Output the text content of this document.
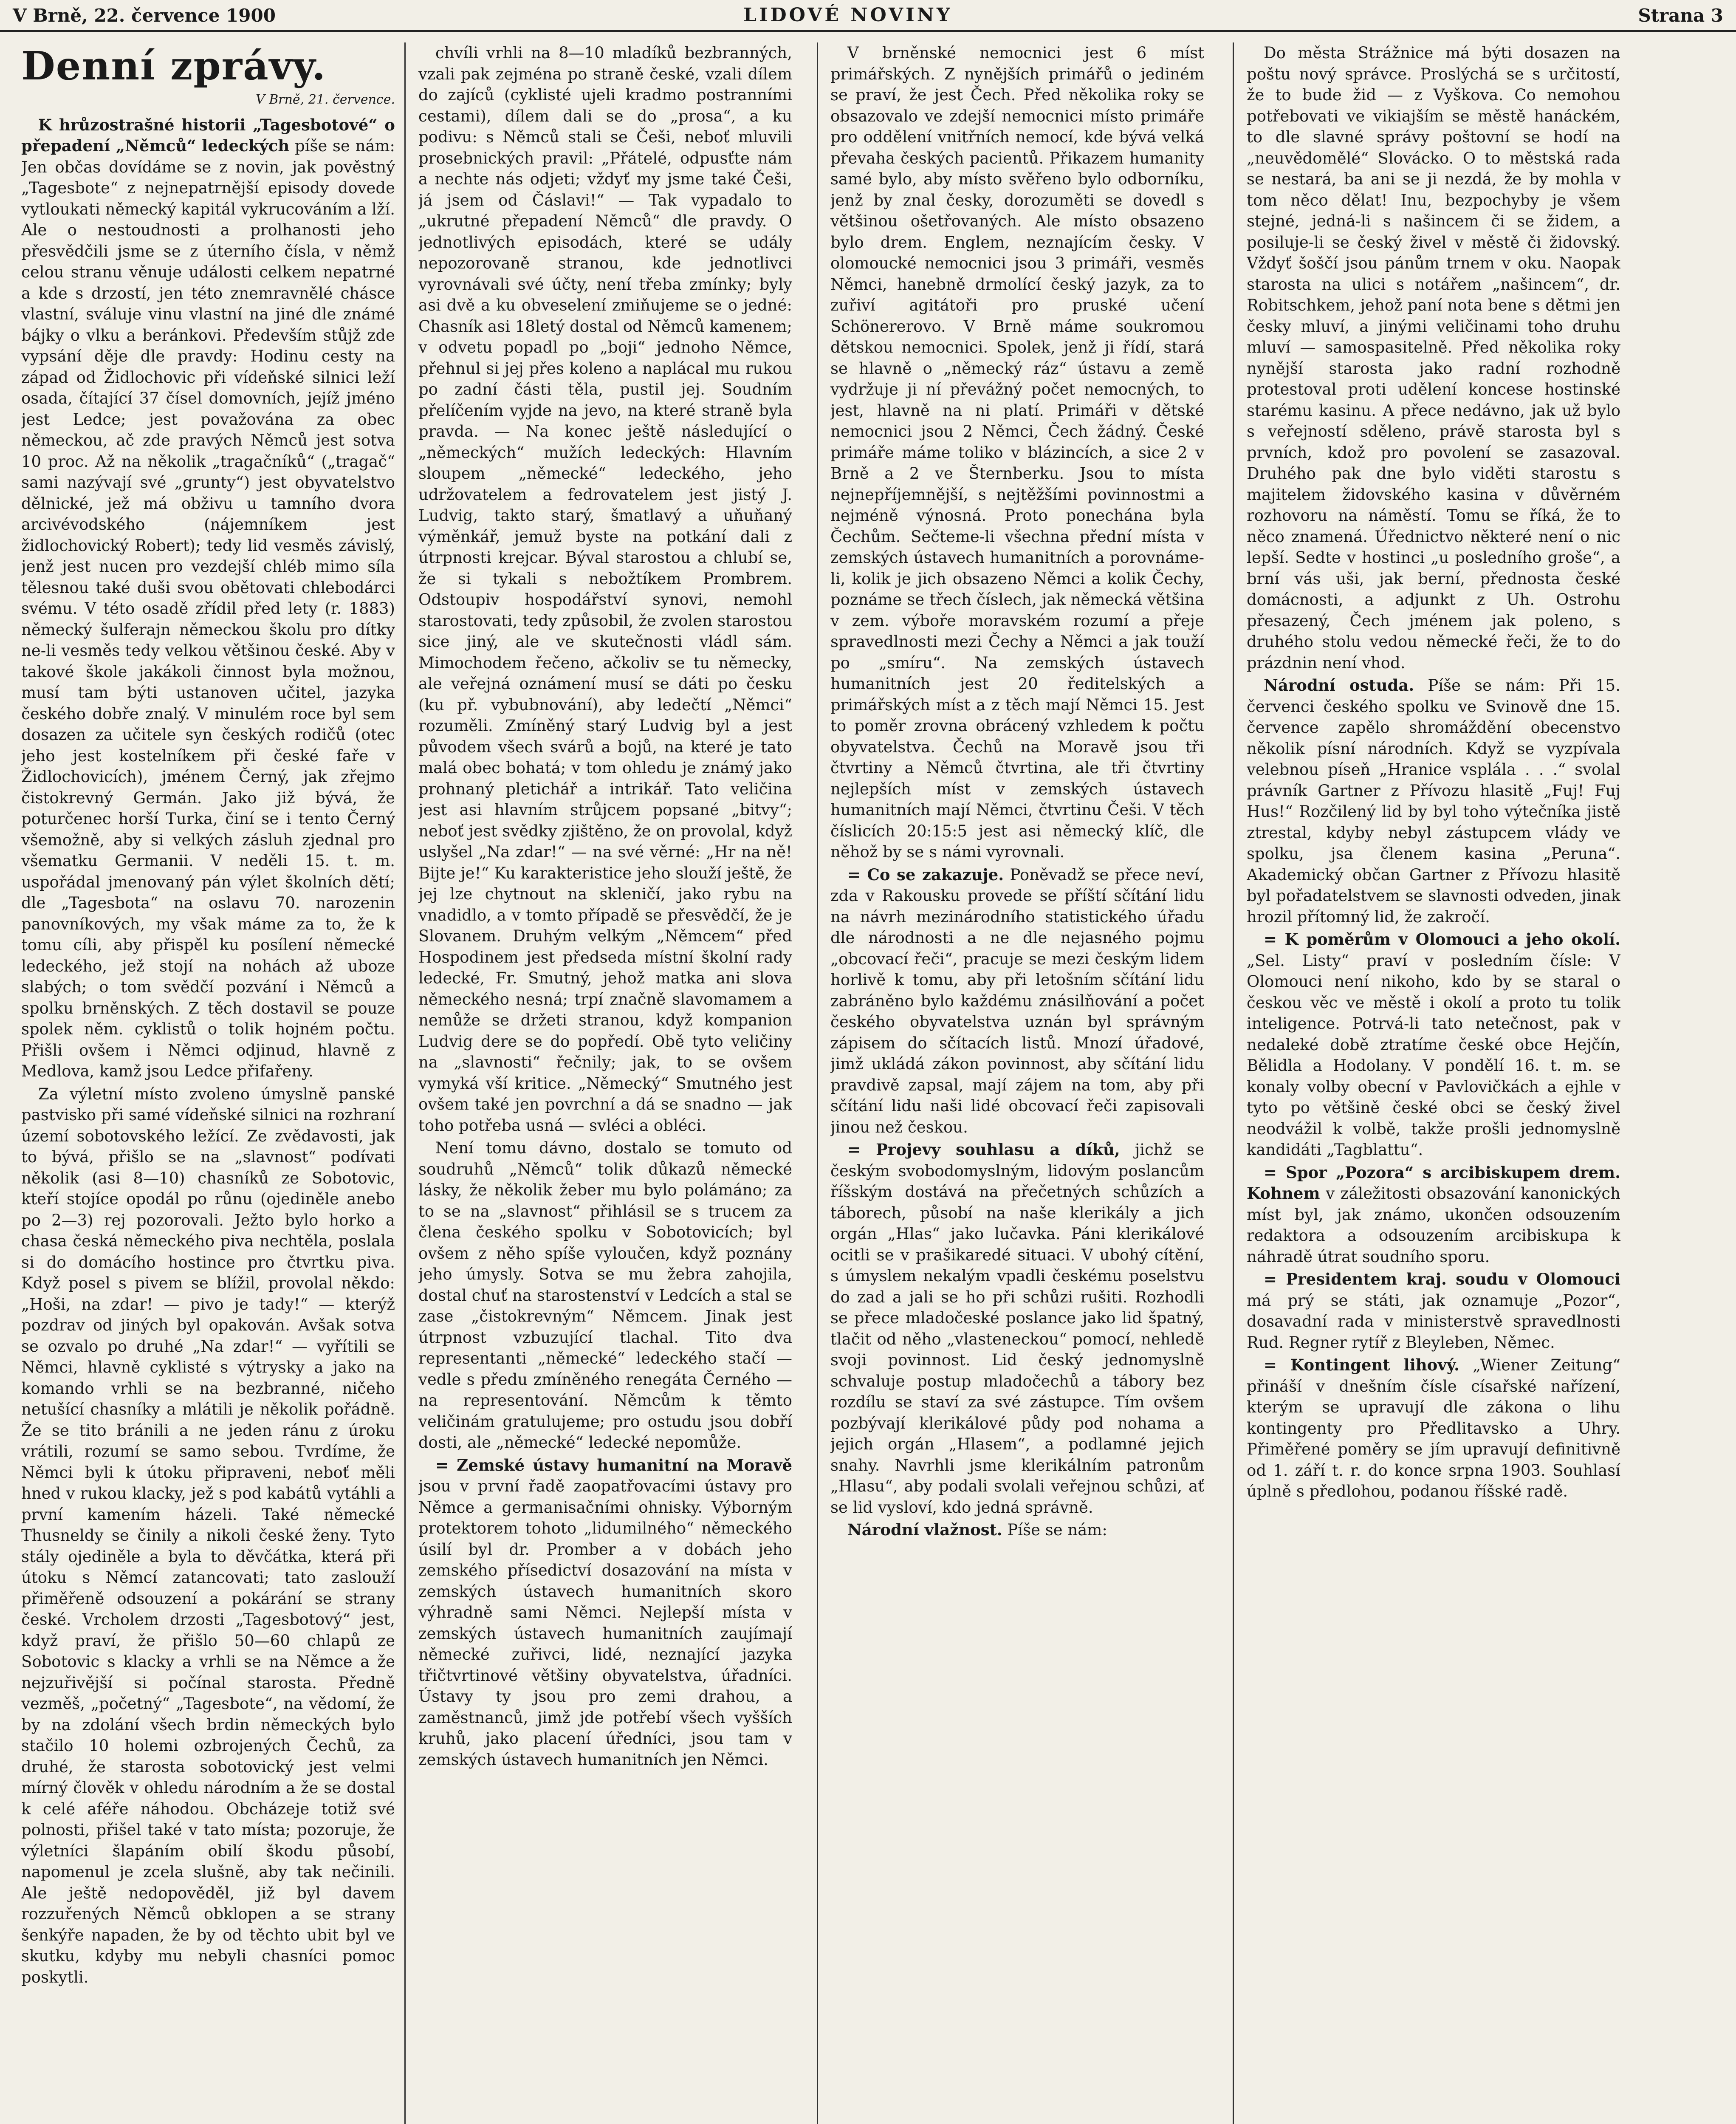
V Brně, 22. července 1900	LIDOVÉ NOVINY	Strana 3
Denní zprávy.
V Brně, 21. července.

K hrůzostrašné historii „Tagesbotové“ o přepadení „Němců“ ledeckých píše se nám: Jen občas dovídáme se z novin, jak pověstný „Tagesbote“ z nejnepatrnější episody dovede vytloukati německý kapitál vykrucováním a lží. Ale o nestoudnosti a prolhanosti jeho přesvědčili jsme se z úterního čísla, v němž celou stranu věnuje události celkem nepatrné a kde s drzostí, jen této znemravnělé chásce vlastní, sváluje vinu vlastní na jiné dle známé bájky o vlku a beránkovi. Především stůjž zde vypsání děje dle pravdy: Hodinu cesty na západ od Židlochovic při vídeňské silnici leží osada, čítající 37 čísel domovních, jejíž jméno jest Ledce; jest považována za obec německou, ač zde pravých Němců jest sotva 10 proc. Až na několik „tragačníků“ („tragač“ sami nazývají své „grunty“) jest obyvatelstvo dělnické, jež má obživu u tamního dvora arcivévodského (nájemníkem jest židlochovický Robert); tedy lid vesměs závislý, jenž jest nucen pro vezdejší chléb mimo síla tělesnou také duši svou obětovati chlebodárci svému. V této osadě zřídil před lety (r. 1883) německý šulferajn německou školu pro dítky ne-li vesměs tedy velkou většinou české. Aby v takové škole jakákoli činnost byla možnou, musí tam býti ustanoven učitel, jazyka českého dobře znalý. V minulém roce byl sem dosazen za učitele syn českých rodičů (otec jeho jest kostelníkem při české faře v Židlochovicích), jménem Černý, jak zřejmo čistokrevný Germán. Jako již bývá, že poturčenec horší Turka, činí se i tento Černý všemožně, aby si velkých zásluh zjednal pro všematku Germanii. V neděli 15. t. m. uspořádal jmenovaný pán výlet školních dětí; dle „Tagesbota“ na oslavu 70. narozenin panovníkových, my však máme za to, že k tomu cíli, aby přispěl ku posílení německé ledeckého, jež stojí na nohách až uboze slabých; o tom svědčí pozvání i Němců a spolku brněnských. Z těch dostavil se pouze spolek něm. cyklistů o tolik hojném počtu. Přišli ovšem i Němci odjinud, hlavně z Medlova, kamž jsou Ledce přifařeny.

Za výletní místo zvoleno úmyslně panské pastvisko při samé vídeňské silnici na rozhraní území sobotovského ležící. Ze zvědavosti, jak to bývá, přišlo se na „slavnost“ podívati několik (asi 8—10) chasníků ze Sobotovic, kteří stojíce opodál po růnu (ojediněle anebo po 2—3) rej pozorovali. Ježto bylo horko a chasa česká německého piva nechtěla, poslala si do domácího hostince pro čtvrtku piva. Když posel s pivem se blížil, provolal někdo: „Hoši, na zdar! — pivo je tady!“ — kterýž pozdrav od jiných byl opakován. Avšak sotva se ozvalo po druhé „Na zdar!“ — vyřítili se Němci, hlavně cyklisté s výtrysky a jako na komando vrhli se na bezbranné, ničeho netušící chasníky a mlátili je několik pořádně. Že se tito bránili a ne jeden ránu z úroku vrátili, rozumí se samo sebou. Tvrdíme, že Němci byli k útoku připraveni, neboť měli hned v rukou klacky, jež s pod kabátů vytáhli a první kamením házeli. Také německé Thusneldy se činily a nikoli české ženy. Tyto stály ojediněle a byla to děvčátka, která při útoku s Němcí zatancovati; tato zaslouží přiměřeně odsouzení a pokárání se strany české. Vrcholem drzosti „Tagesbotový“ jest, když praví, že přišlo 50—60 chlapů ze Sobotovic s klacky a vrhli se na Němce a že nejzuřivější si počínal starosta. Předně vezměš, „početný“ „Tagesbote“, na vědomí, že by na zdolání všech brdin německých bylo stačilo 10 holemi ozbrojených Čechů, za druhé, že starosta sobotovický jest velmi mírný člověk v ohledu národním a že se dostal k celé aféře náhodou. Obcházeje totiž své polnosti, přišel také v tato místa; pozoruje, že výletníci šlapáním obilí škodu působí, napomenul je zcela slušně, aby tak nečinili. Ale ještě nedopověděl, již byl davem rozzuřených Němců obklopen a se strany šenkýře napaden, že by od těchto ubit byl ve skutku, kdyby mu nebyli chasníci pomoc poskytli.

chvíli vrhli na 8—10 mladíků bezbranných, vzali pak zejména po straně české, vzali dílem do zajíců (cyklisté ujeli kradmo postranními cestami), dílem dali se do „prosa“, a ku podivu: s Němců stali se Češi, neboť mluvili prosebnických pravil: „Přátelé, odpusťte nám a nechte nás odjeti; vždyť my jsme také Češi, já jsem od Čáslavi!“ — Tak vypadalo to „ukrutné přepadení Němců“ dle pravdy. O jednotlivých episodách, které se udály nepozorovaně stranou, kde jednotlivci vyrovnávali své účty, není třeba zmínky; byly asi dvě a ku obveselení zmiňujeme se o jedné: Chasník asi 18letý dostal od Němců kamenem; v odvetu popadl po „boji“ jednoho Němce, přehnul si jej přes koleno a naplácal mu rukou po zadní části těla, pustil jej. Soudním přelíčením vyjde na jevo, na které straně byla pravda. — Na konec ještě následující o „německých“ mužích ledeckých: Hlavním sloupem „německé“ ledeckého, jeho udržovatelem a fedrovatelem jest jistý J. Ludvig, takto starý, šmatlavý a uňuňaný výměnkář, jemuž byste na potkání dali z útrpnosti krejcar. Býval starostou a chlubí se, že si tykali s nebožtíkem Prombrem. Odstoupiv hospodářství synovi, nemohl starostovati, tedy způsobil, že zvolen starostou sice jiný, ale ve skutečnosti vládl sám. Mimochodem řečeno, ačkoliv se tu německy, ale veřejná oznámení musí se dáti po česku (ku př. vybubnování), aby ledečtí „Němci“ rozuměli. Zmíněný starý Ludvig byl a jest původem všech svárů a bojů, na které je tato malá obec bohatá; v tom ohledu je známý jako prohnaný pletichář a intrikář. Tato veličina jest asi hlavním strůjcem popsané „bitvy“; neboť jest svědky zjištěno, že on provolal, když uslyšel „Na zdar!“ — na své věrné: „Hr na ně! Bijte je!“ Ku karakteristice jeho slouží ještě, že jej lze chytnout na skleničí, jako rybu na vnadidlo, a v tomto případě se přesvědčí, že je Slovanem. Druhým velkým „Němcem“ před Hospodinem jest předseda místní školní rady ledecké, Fr. Smutný, jehož matka ani slova německého nesná; trpí značně slavomamem a nemůže se držeti stranou, když kompanion Ludvig dere se do popředí. Obě tyto veličiny na „slavnosti“ řečnily; jak, to se ovšem vymyká vší kritice. „Německý“ Smutného jest ovšem také jen povrchní a dá se snadno — jak toho potřeba usná — svléci a obléci.

Není tomu dávno, dostalo se tomuto od soudruhů „Němců“ tolik důkazů německé lásky, že několik žeber mu bylo polámáno; za to se na „slavnost“ přihlásil se s trucem za člena českého spolku v Sobotovicích; byl ovšem z něho spíše vyloučen, když poznány jeho úmysly. Sotva se mu žebra zahojila, dostal chuť na starostenství v Ledcích a stal se zase „čistokrevným“ Němcem. Jinak jest útrpnost vzbuzující tlachal. Tito dva representanti „německé“ ledeckého stačí — vedle s předu zmíněného renegáta Černého — na representování. Němcům k těmto veličinám gratulujeme; pro ostudu jsou dobří dosti, ale „německé“ ledecké nepomůže.

= Zemské ústavy humanitní na Moravě jsou v první řadě zaopatřovacími ústavy pro Němce a germanisačními ohnisky. Výborným protektorem tohoto „lidumilného“ německého úsilí byl dr. Promber a v dobách jeho zemského přísedictví dosazování na místa v zemských ústavech humanitních skoro výhradně sami Němci. Nejlepší místa v zemských ústavech humanitních zaujímají německé zuřivci, lidé, neznající jazyka třičtvrtinové většiny obyvatelstva, úřadníci. Ústavy ty jsou pro zemi drahou, a zaměstnanců, jimž jde potřebí všech vyšších kruhů, jako placení úředníci, jsou tam v zemských ústavech humanitních jen Němci.

V brněnské nemocnici jest 6 míst primářských. Z nynějších primářů o jediném se praví, že jest Čech. Před několika roky se obsazovalo ve zdejší nemocnici místo primáře pro oddělení vnitřních nemocí, kde bývá velká převaha českých pacientů. Přikazem humanity samé bylo, aby místo svěřeno bylo odborníku, jenž by znal česky, dorozuměti se dovedl s většinou ošetřovaných. Ale místo obsazeno bylo drem. Englem, neznajícím česky. V olomoucké nemocnici jsou 3 primáři, vesměs Němci, hanebně drmolící český jazyk, za to zuřiví agitátoři pro pruské učení Schönererovo. V Brně máme soukromou dětskou nemocnici. Spolek, jenž ji řídí, stará se hlavně o „německý ráz“ ústavu a země vydržuje ji ní převážný počet nemocných, to jest, hlavně na ni platí. Primáři v dětské nemocnici jsou 2 Němci, Čech žádný. České primáře máme toliko v blázincích, a sice 2 v Brně a 2 ve Šternberku. Jsou to místa nejnepříjemnější, s nejtěžšími povinnostmi a nejméně výnosná. Proto ponechána byla Čechům. Sečteme-li všechna přední místa v zemských ústavech humanitních a porovnáme-li, kolik je jich obsazeno Němci a kolik Čechy, poznáme se třech číslech, jak německá většina v zem. výboře moravském rozumí a přeje spravedlnosti mezi Čechy a Němci a jak touží po „smíru“. Na zemských ústavech humanitních jest 20 ředitelských a primářských míst a z těch mají Němci 15. Jest to poměr zrovna obrácený vzhledem k počtu obyvatelstva. Čechů na Moravě jsou tři čtvrtiny a Němců čtvrtina, ale tři čtvrtiny nejlepších míst v zemských ústavech humanitních mají Němci, čtvrtinu Češi. V těch číslicích 20:15:5 jest asi německý klíč, dle něhož by se s námi vyrovnali.

= Co se zakazuje. Poněvadž se přece neví, zda v Rakousku provede se příští sčítání lidu na návrh mezinárodního statistického úřadu dle národnosti a ne dle nejasného pojmu „obcovací řeči“, pracuje se mezi českým lidem horlivě k tomu, aby při letošním sčítání lidu zabráněno bylo každému znásilňování a počet českého obyvatelstva uznán byl správným zápisem do sčítacích listů. Mnozí úřadové, jimž ukládá zákon povinnost, aby sčítání lidu pravdivě zapsal, mají zájem na tom, aby při sčítání lidu naši lidé obcovací řeči zapisovali jinou než českou.

= Projevy souhlasu a díků, jichž se českým svobodomyslným, lidovým poslancům říšským dostává na přečetných schůzích a táborech, působí na naše klerikály a jich orgán „Hlas“ jako lučavka. Páni klerikálové ocitli se v prašikaredé situaci. V ubohý cítění, s úmyslem nekalým vpadli českému poselstvu do zad a jali se ho při schůzi rušiti. Rozhodli se přece mladočeské poslance jako lid špatný, tlačit od něho „vlasteneckou“ pomocí, nehledě svoji povinnost. Lid český jednomyslně schvaluje postup mladočechů a tábory bez rozdílu se staví za své zástupce. Tím ovšem pozbývají klerikálové půdy pod nohama a jejich orgán „Hlasem“, a podlamné jejich snahy. Navrhli jsme klerikálním patronům „Hlasu“, aby podali svolali veřejnou schůzi, ať se lid vysloví, kdo jedná správně.

Národní vlažnost. Píše se nám:

Do města Strážnice má býti dosazen na poštu nový správce. Proslýchá se s určitostí, že to bude žid — z Vyškova. Co nemohou potřebovati ve vikiajším se městě hanáckém, to dle slavné správy poštovní se hodí na „neuvědomělé“ Slovácko. O to městská rada se nestará, ba ani se ji nezdá, že by mohla v tom něco dělat! Inu, bezpochyby je všem stejné, jedná-li s našincem či se židem, a posiluje-li se český živel v městě či židovský. Vždyť šoščí jsou pánům trnem v oku. Naopak starosta na ulici s notářem „našincem“, dr. Robitschkem, jehož paní nota bene s dětmi jen česky mluví, a jinými veličinami toho druhu mluví — samospasitelně. Před několika roky nynější starosta jako radní rozhodně protestoval proti udělení koncese hostinské starému kasinu. A přece nedávno, jak už bylo s veřejností sděleno, právě starosta byl s prvních, kdož pro povolení se zasazoval. Druhého pak dne bylo viděti starostu s majitelem židovského kasina v důvěrném rozhovoru na náměstí. Tomu se říká, že to něco znamená. Úřednictvo některé není o nic lepší. Sedte v hostinci „u posledního groše“, a brní vás uši, jak berní, přednosta české domácnosti, a adjunkt z Uh. Ostrohu přesazený, Čech jménem jak poleno, s druhého stolu vedou německé řeči, že to do prázdnin není vhod.

Národní ostuda. Píše se nám: Při 15. červenci českého spolku ve Svinově dne 15. července zapělo shromáždění obecenstvo několik písní národních. Když se vyzpívala velebnou píseň „Hranice vsplála . . .“ svolal právník Gartner z Přívozu hlasitě „Fuj! Fuj Hus!“ Rozčilený lid by byl toho výtečníka jistě ztrestal, kdyby nebyl zástupcem vlády ve spolku, jsa členem kasina „Peruna“. Akademický občan Gartner z Přívozu hlasitě byl pořadatelstvem se slavnosti odveden, jinak hrozil přítomný lid, že zakročí.

= K poměrům v Olomouci a jeho okolí. „Sel. Listy“ praví v posledním čísle: V Olomouci není nikoho, kdo by se staral o českou věc ve městě i okolí a proto tu tolik inteligence. Potrvá-li tato netečnost, pak v nedaleké době ztratíme české obce Hejčín, Bělidla a Hodolany. V pondělí 16. t. m. se konaly volby obecní v Pavlovičkách a ejhle v tyto po většině české obci se český živel neodvážil k volbě, takže prošli jednomyslně kandidáti „Tagblattu“.

= Spor „Pozora“ s arcibiskupem drem. Kohnem v záležitosti obsazování kanonických míst byl, jak známo, ukončen odsouzením redaktora a odsouzením arcibiskupa k náhradě útrat soudního sporu.

= Presidentem kraj. soudu v Olomouci má prý se státi, jak oznamuje „Pozor“, dosavadní rada v ministerstvě spravedlnosti Rud. Regner rytíř z Bleyleben, Němec.

= Kontingent lihový. „Wiener Zeitung“ přináší v dnešním čísle císařské nařízení, kterým se upravují dle zákona o lihu kontingenty pro Předlitavsko a Uhry. Přiměřené poměry se jím upravují definitivně od 1. září t. r. do konce srpna 1903. Souhlasí úplně s předlohou, podanou říšské radě.
